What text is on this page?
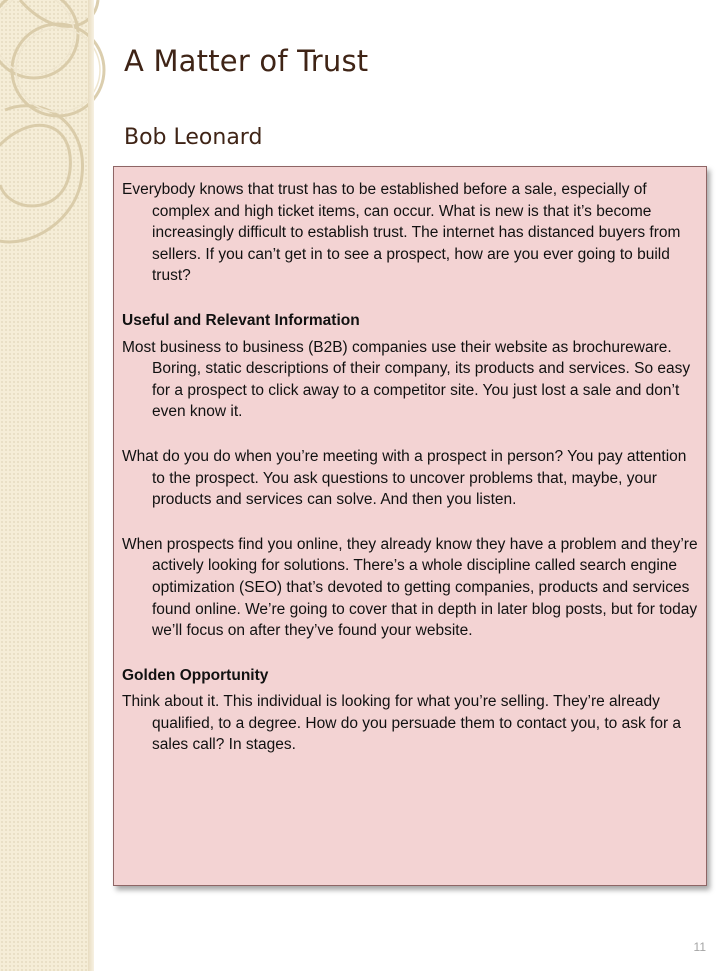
A Matter of Trust
Bob Leonard

Everybody knows that trust has to be established before a sale, especially of complex and high ticket items, can occur. What is new is that it’s become increasingly difficult to establish trust. The internet has distanced buyers from sellers. If you can’t get in to see a prospect, how are you ever going to build trust?

Useful and Relevant Information

Most business to business (B2B) companies use their website as brochureware. Boring, static descriptions of their company, its products and services. So easy for a prospect to click away to a competitor site. You just lost a sale and don’t even know it.

What do you do when you’re meeting with a prospect in person? You pay attention to the prospect. You ask questions to uncover problems that, maybe, your products and services can solve. And then you listen.

When prospects find you online, they already know they have a problem and they’re actively looking for solutions. There’s a whole discipline called search engine optimization (SEO) that’s devoted to getting companies, products and services found online. We’re going to cover that in depth in later blog posts, but for today we’ll focus on after they’ve found your website.

Golden Opportunity

Think about it. This individual is looking for what you’re selling. They’re already qualified, to a degree. How do you persuade them to contact you, to ask for a sales call? In stages.

11
